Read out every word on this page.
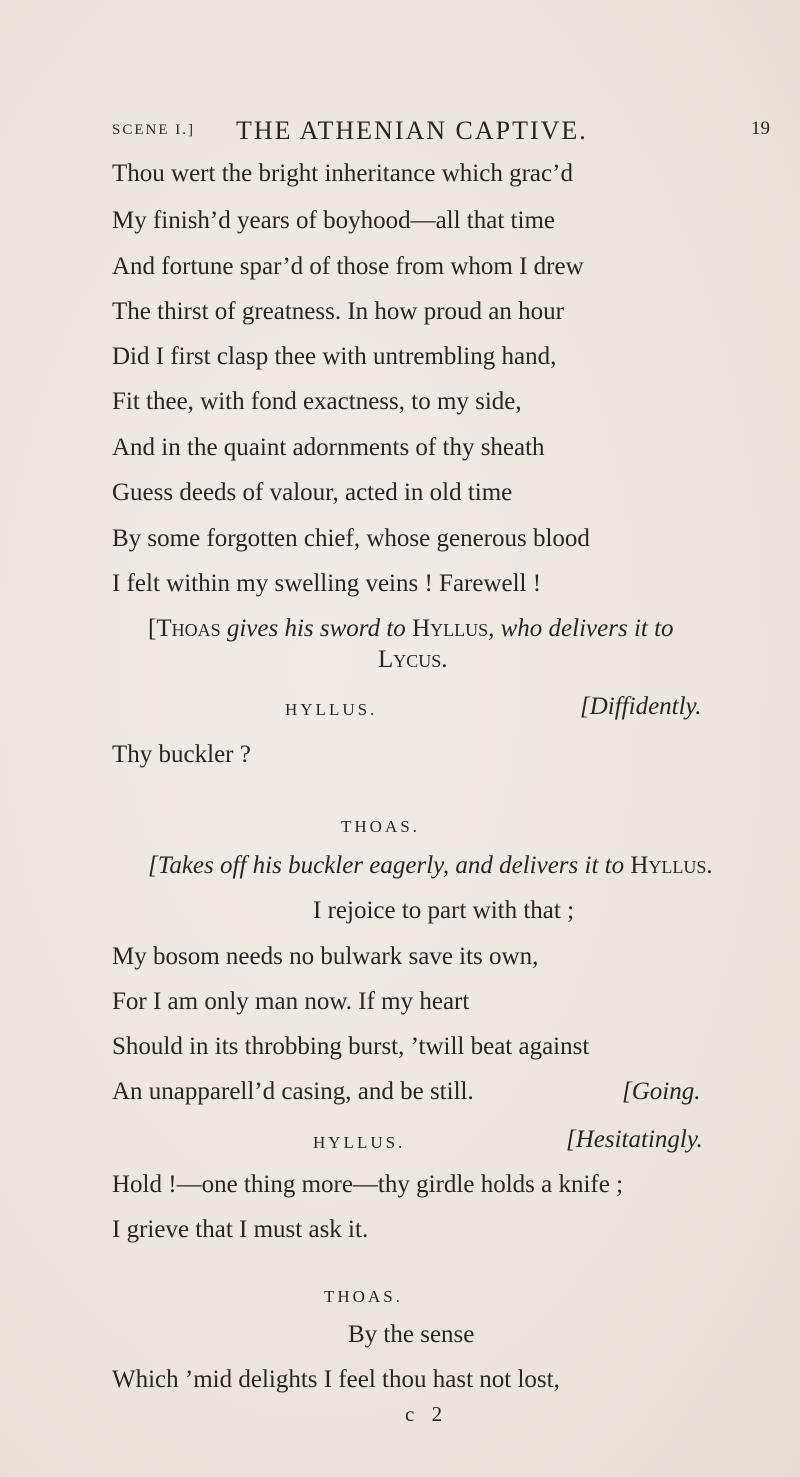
SCENE I.] THE ATHENIAN CAPTIVE.	19
Thou wert the bright inheritance which grac’d
My finish’d years of boyhood—all that time
And fortune spar’d of those from whom I drew
The thirst of greatness. In how proud an hour
Did I first clasp thee with untrembling hand,
Fit thee, with fond exactness, to my side,
And in the quaint adornments of thy sheath
Guess deeds of valour, acted in old time
By some forgotten chief, whose generous blood
I felt within my swelling veins ! Farewell !
[Thoas gives his sword to Hyllus, who delivers it to
Lycus.
HYLLUS.	[Diffidently.
Thy buckler ?
THOAS.
[Takes off his buckler eagerly, and delivers it to Hyllus.
I rejoice to part with that ;
My bosom needs no bulwark save its own,
For I am only man now. If my heart
Should in its throbbing burst, ’twill beat against
An unapparell’d casing, and be still.	[Going.
HYLLUS.	[Hesitatingly.
Hold !—one thing more—thy girdle holds a knife ;
I grieve that I must ask it.
THOAS.
By the sense
Which ’mid delights I feel thou hast not lost,
c 2
